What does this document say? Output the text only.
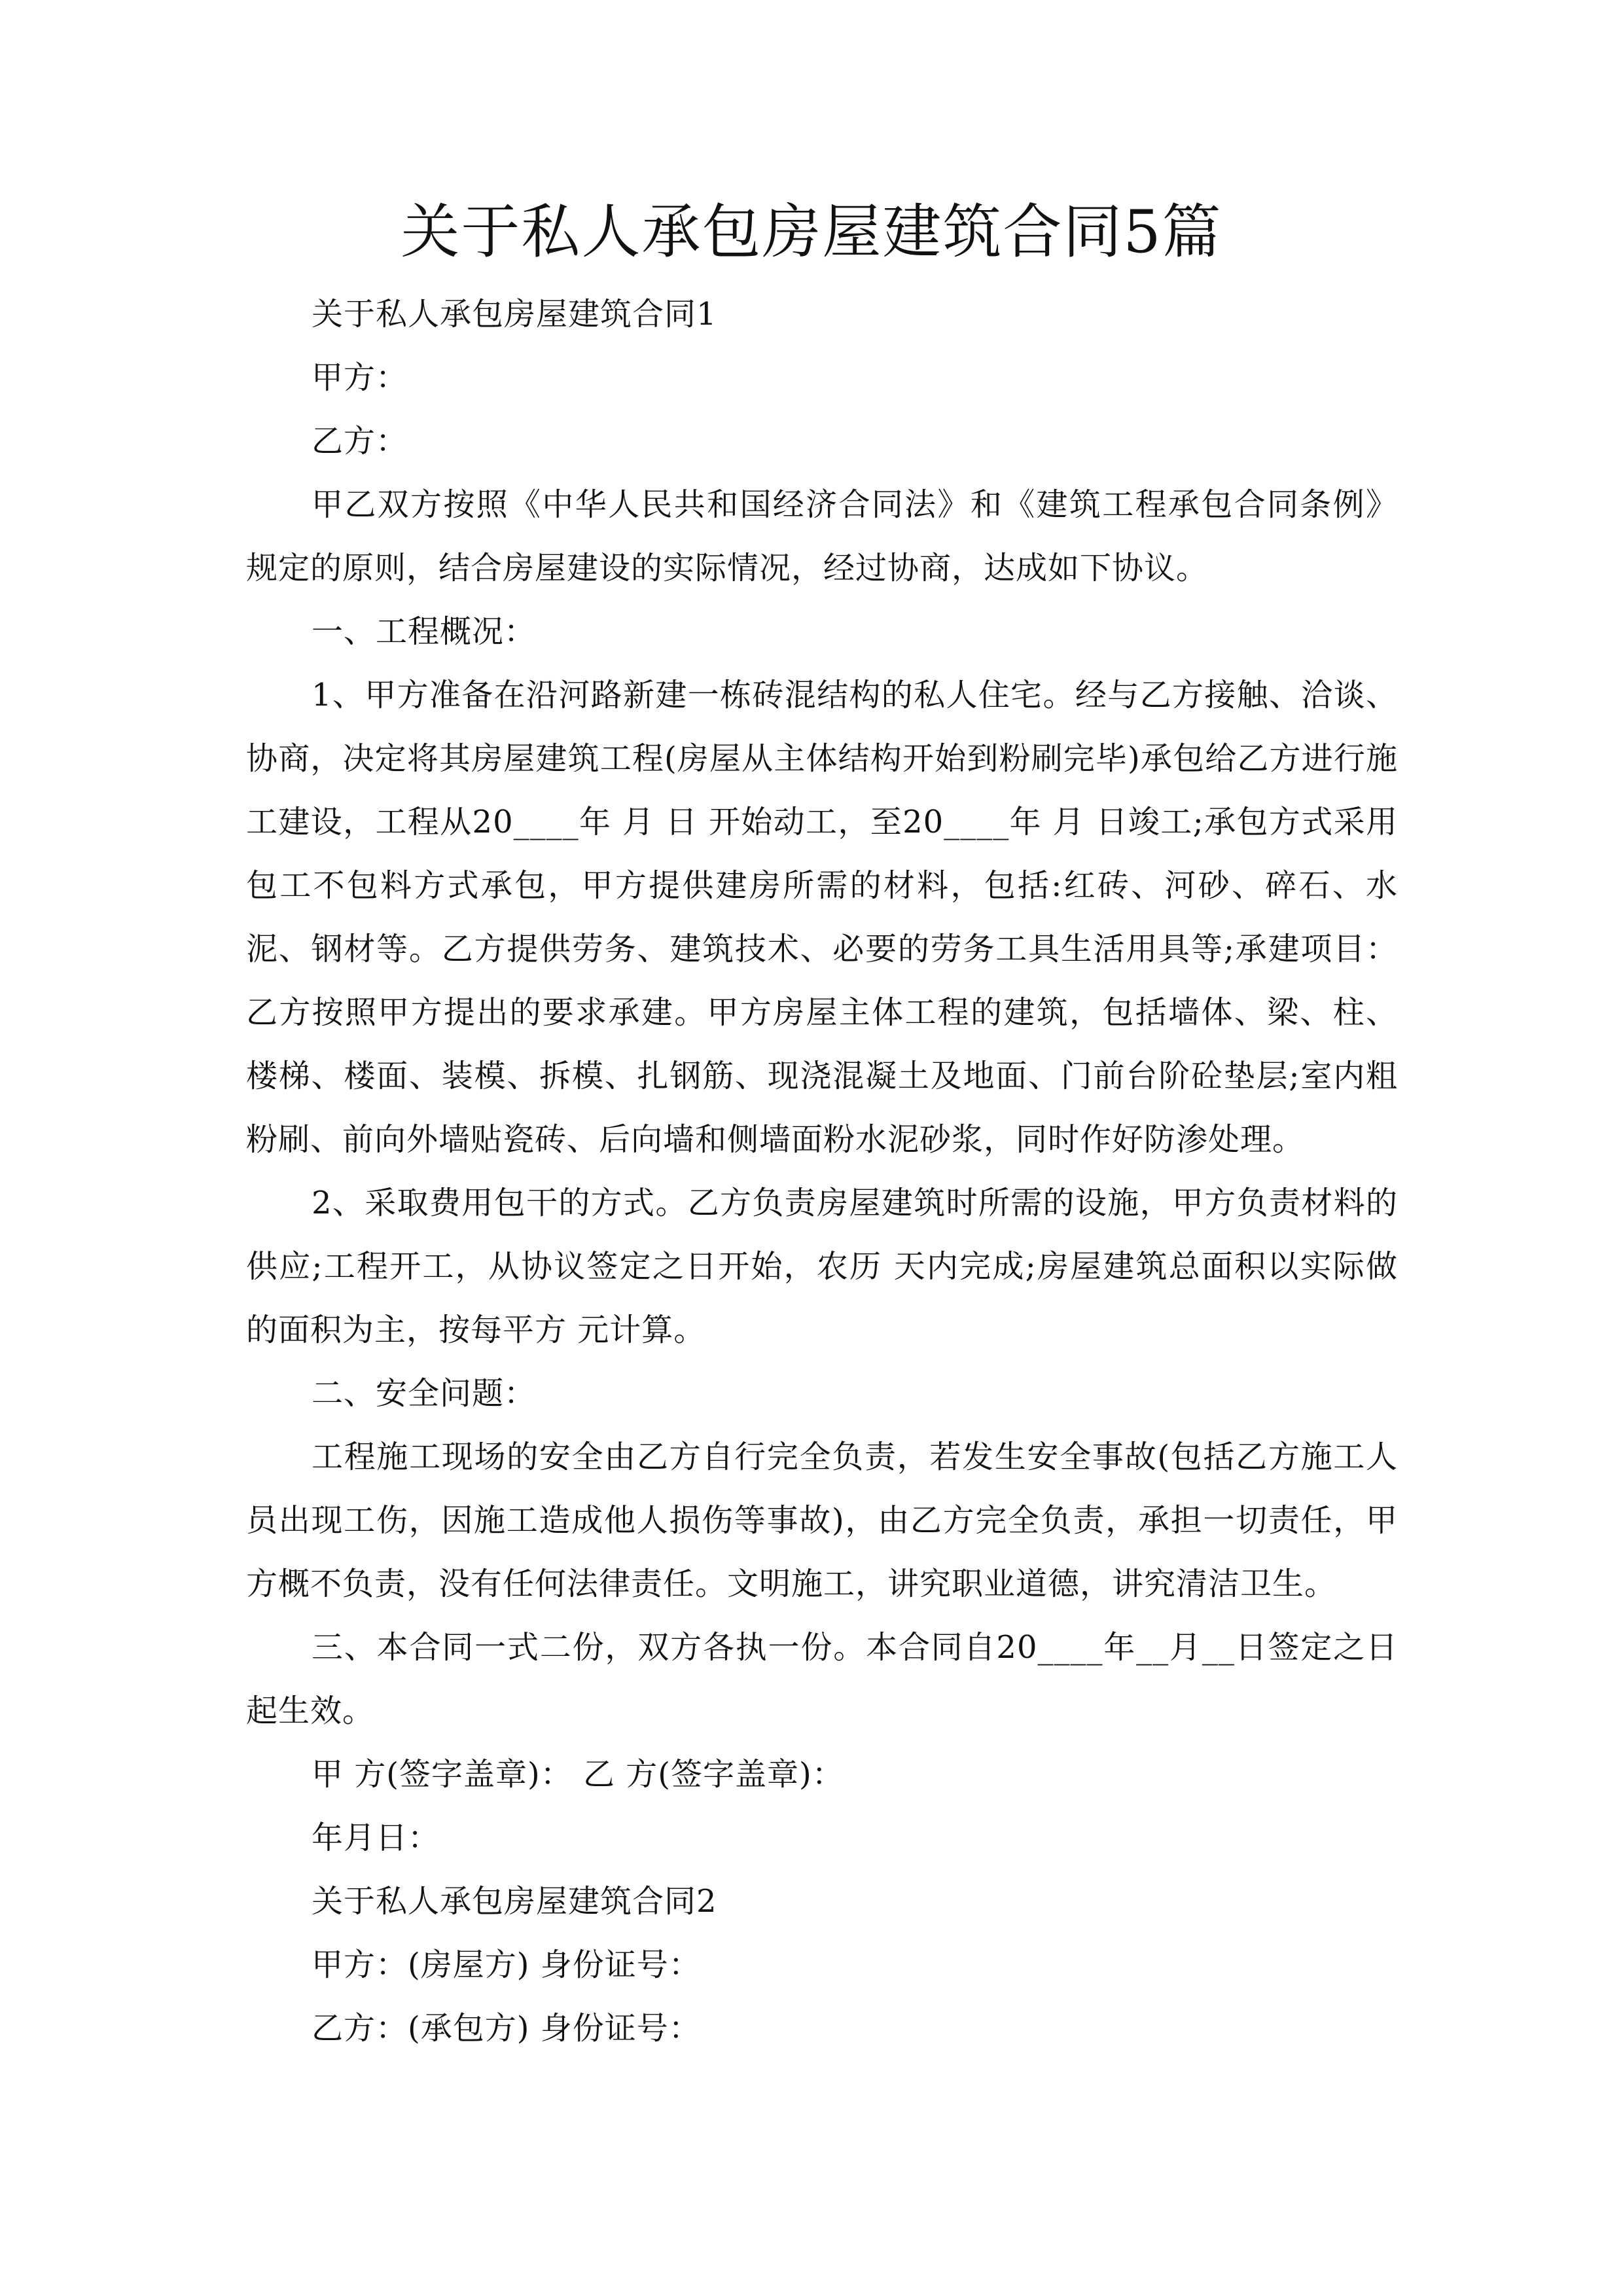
关于私人承包房屋建筑合同5篇

关于私人承包房屋建筑合同1

甲方：

乙方：

甲乙双方按照《中华人民共和国经济合同法》和《建筑工程承包合同条例》规定的原则，结合房屋建设的实际情况，经过协商，达成如下协议。

一、工程概况：

1、甲方准备在沿河路新建一栋砖混结构的私人住宅。经与乙方接触、洽谈、协商，决定将其房屋建筑工程(房屋从主体结构开始到粉刷完毕)承包给乙方进行施工建设，工程从20____年 月 日 开始动工，至20____年 月 日竣工;承包方式采用包工不包料方式承包，甲方提供建房所需的材料，包括:红砖、河砂、碎石、水泥、钢材等。乙方提供劳务、建筑技术、必要的劳务工具生活用具等;承建项目：乙方按照甲方提出的要求承建。甲方房屋主体工程的建筑，包括墙体、梁、柱、楼梯、楼面、装模、拆模、扎钢筋、现浇混凝土及地面、门前台阶砼垫层;室内粗粉刷、前向外墙贴瓷砖、后向墙和侧墙面粉水泥砂浆，同时作好防渗处理。

2、采取费用包干的方式。乙方负责房屋建筑时所需的设施，甲方负责材料的供应;工程开工，从协议签定之日开始，农历 天内完成;房屋建筑总面积以实际做的面积为主，按每平方 元计算。

二、安全问题：

工程施工现场的安全由乙方自行完全负责，若发生安全事故(包括乙方施工人员出现工伤，因施工造成他人损伤等事故)，由乙方完全负责，承担一切责任，甲方概不负责，没有任何法律责任。文明施工，讲究职业道德，讲究清洁卫生。

三、本合同一式二份，双方各执一份。本合同自20____年__月__日签定之日起生效。

甲 方(签字盖章)： 乙 方(签字盖章)：

年月日：

关于私人承包房屋建筑合同2

甲方：(房屋方) 身份证号：

乙方：(承包方) 身份证号：
